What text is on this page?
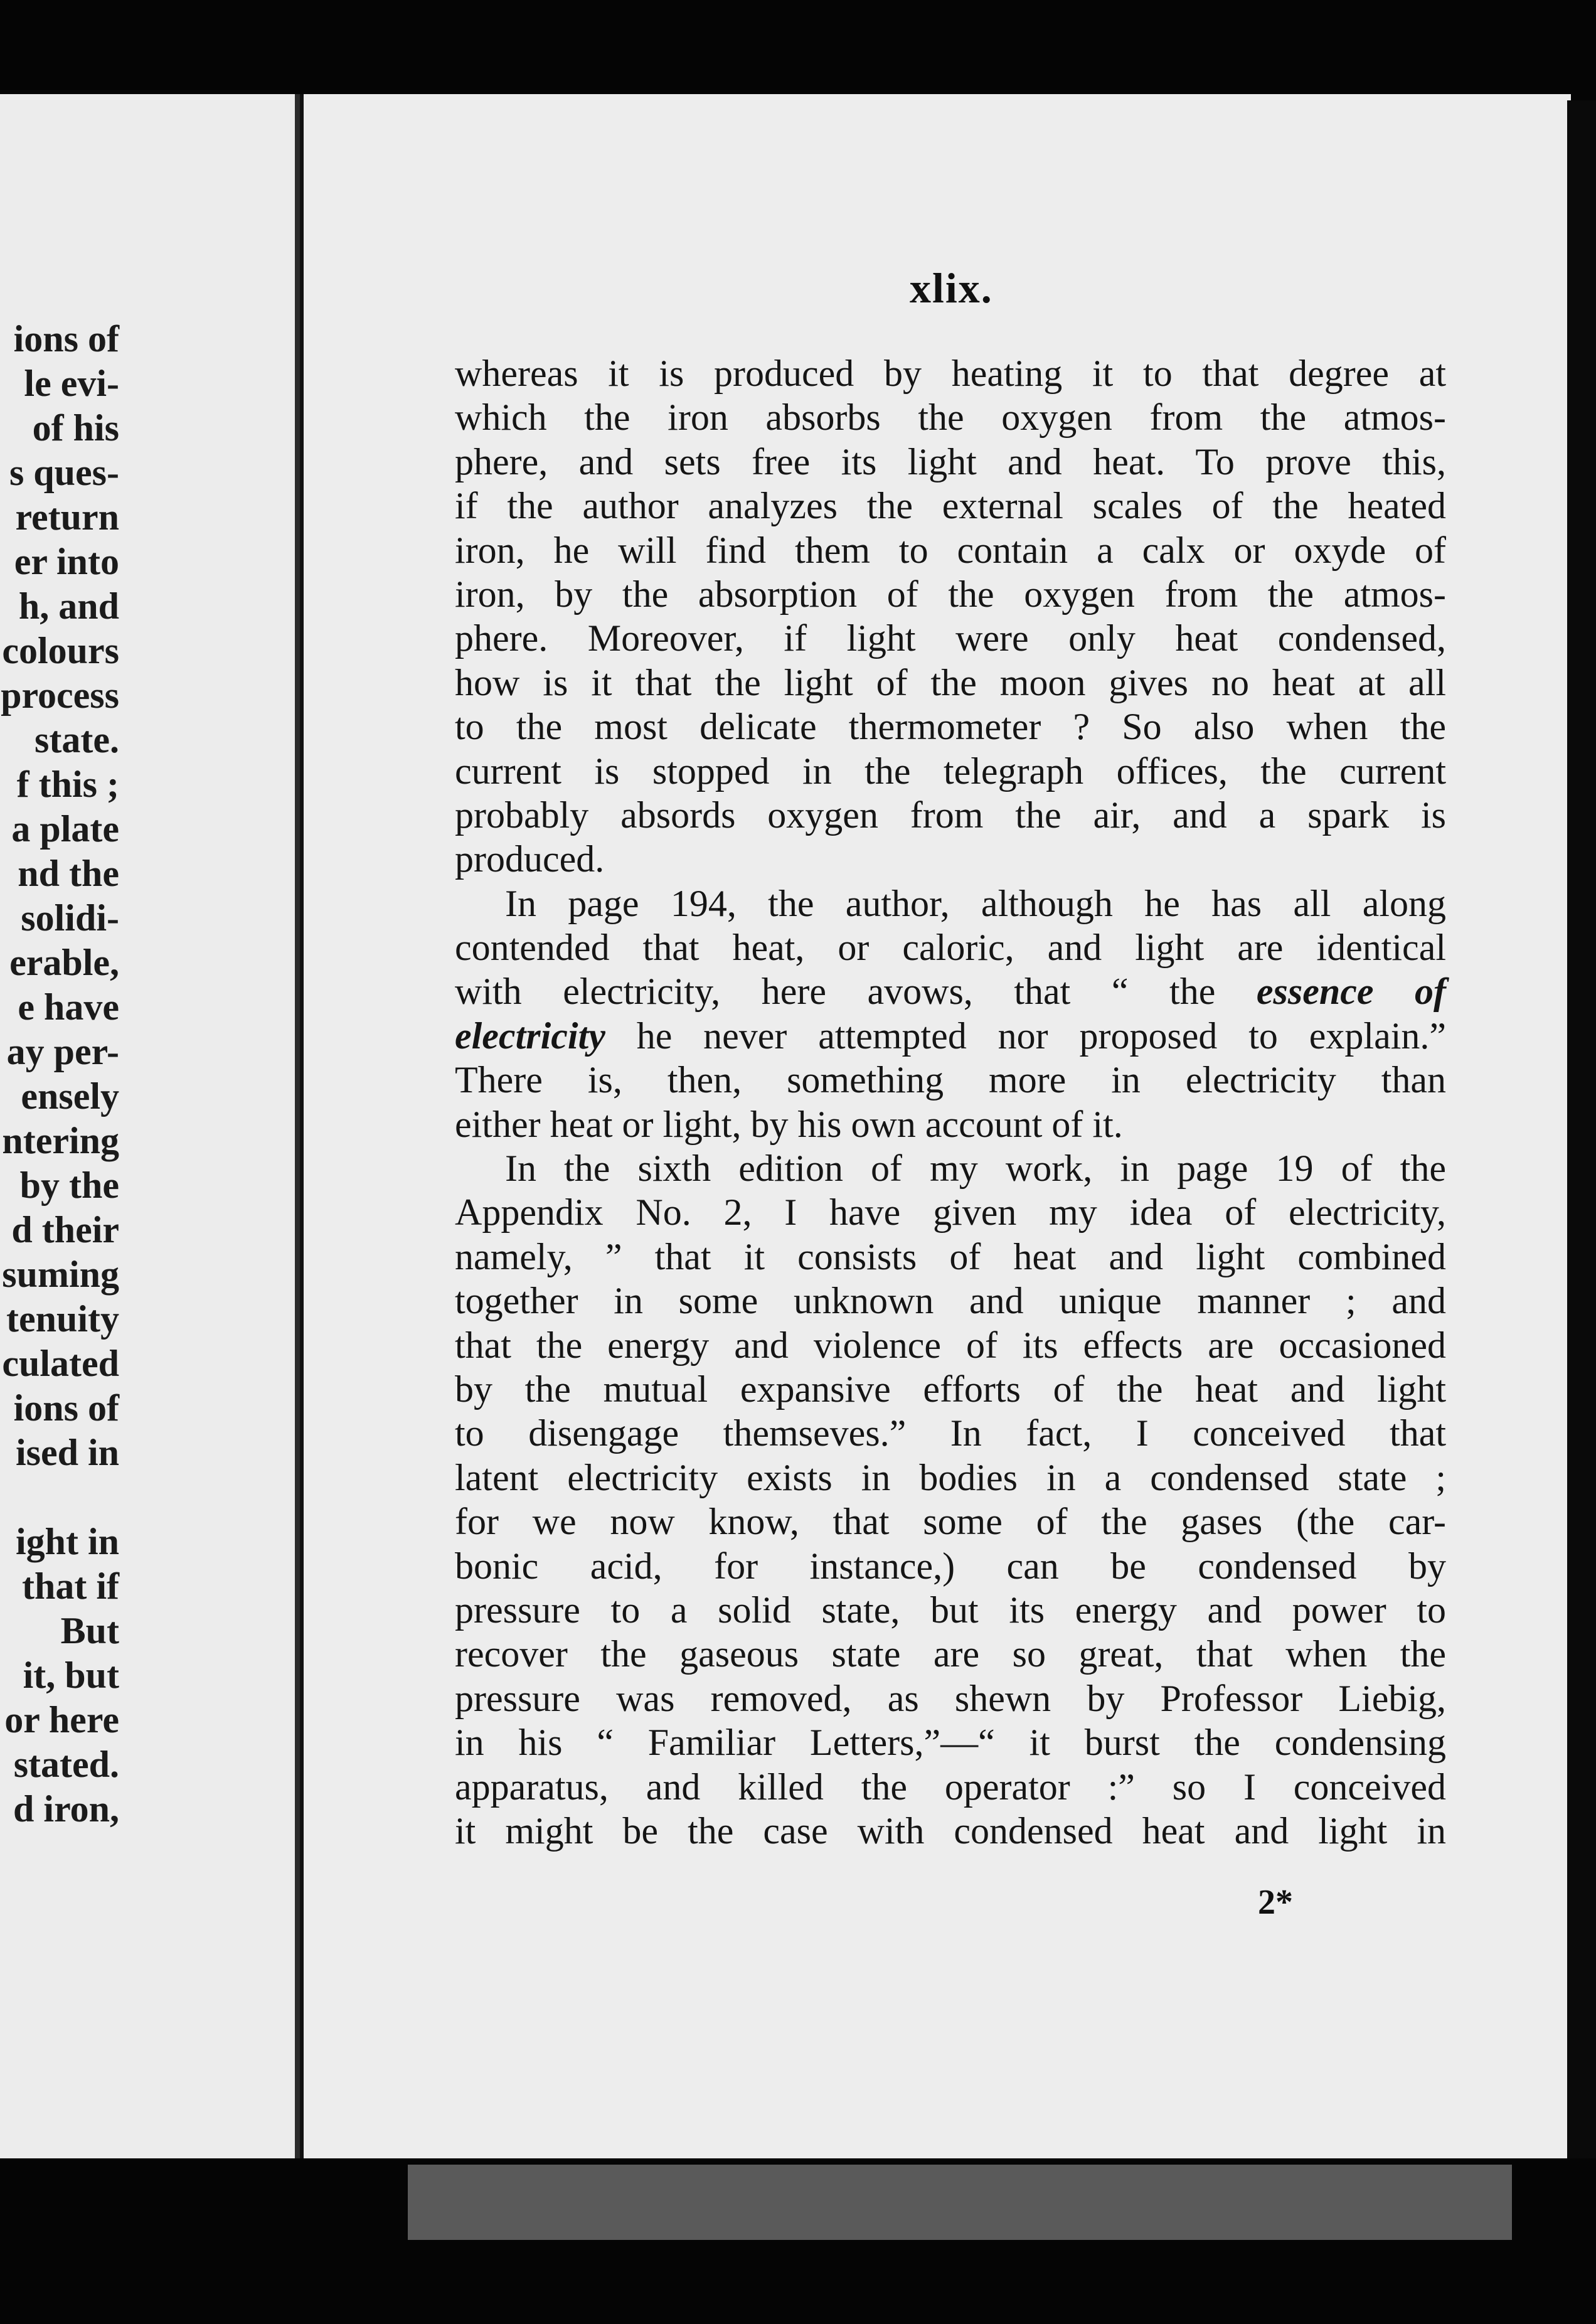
ions of
le evi-
of his
s ques-
return
er into
h, and
colours
process
state.
f this ;
a plate
nd the
solidi-
erable,
e have
ay per-
ensely
ntering
by the
d their
suming
tenuity
culated
ions of
ised in
ight in
that if
But
it, but
or here
stated.
d iron,
xlix.
whereas it is produced by heating it to that degree at
which the iron absorbs the oxygen from the atmos-
phere, and sets free its light and heat. To prove this,
if the author analyzes the external scales of the heated
iron, he will find them to contain a calx or oxyde of
iron, by the absorption of the oxygen from the atmos-
phere. Moreover, if light were only heat condensed,
how is it that the light of the moon gives no heat at all
to the most delicate thermometer ? So also when the
current is stopped in the telegraph offices, the current
probably absords oxygen from the air, and a spark is
produced.
In page 194, the author, although he has all along
contended that heat, or caloric, and light are identical
with electricity, here avows, that “ the essence of
electricity he never attempted nor proposed to explain.”
There is, then, something more in electricity than
either heat or light, by his own account of it.
In the sixth edition of my work, in page 19 of the
Appendix No. 2, I have given my idea of electricity,
namely, ” that it consists of heat and light combined
together in some unknown and unique manner ; and
that the energy and violence of its effects are occasioned
by the mutual expansive efforts of the heat and light
to disengage themseves.” In fact, I conceived that
latent electricity exists in bodies in a condensed state ;
for we now know, that some of the gases (the car-
bonic acid, for instance,) can be condensed by
pressure to a solid state, but its energy and power to
recover the gaseous state are so great, that when the
pressure was removed, as shewn by Professor Liebig,
in his “ Familiar Letters,”—“ it burst the condensing
apparatus, and killed the operator :” so I conceived
it might be the case with condensed heat and light in
2*
